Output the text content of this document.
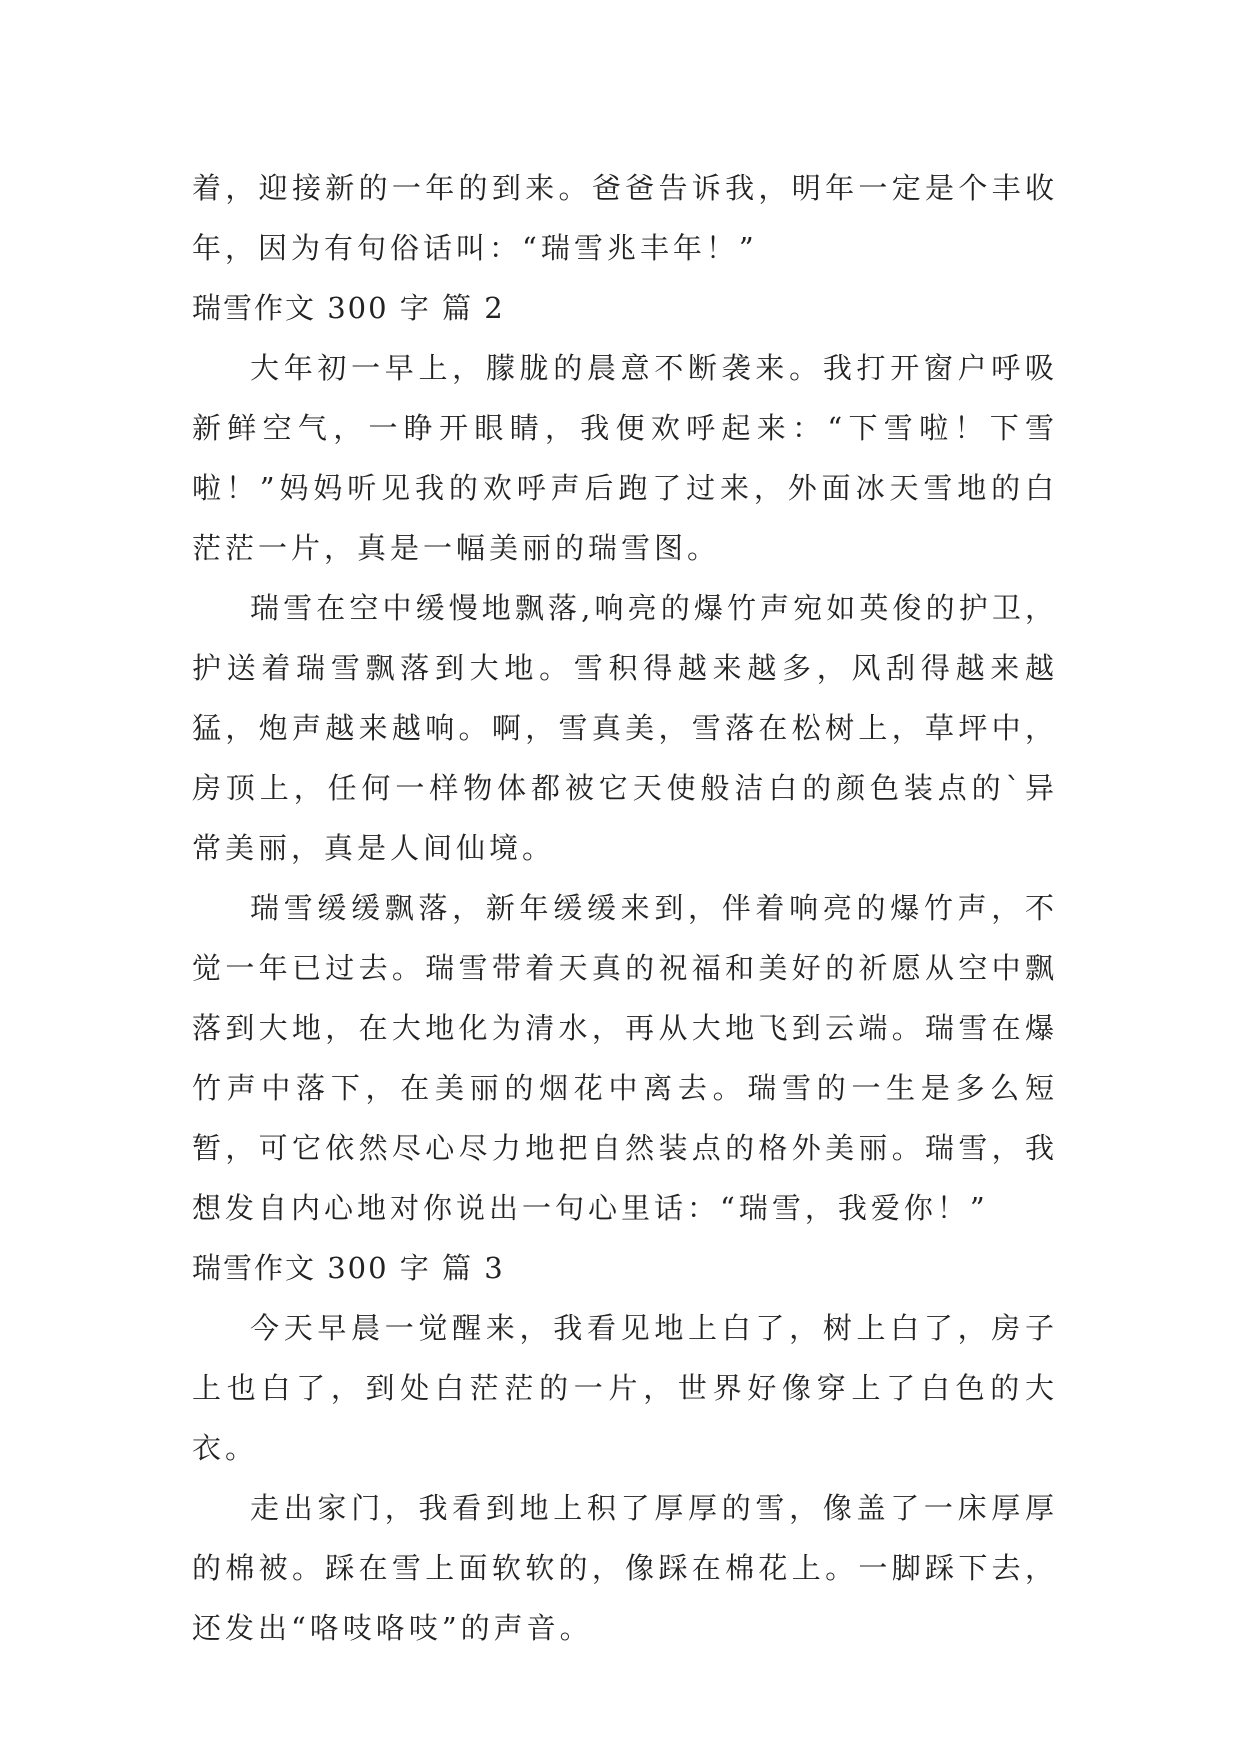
着，迎接新的一年的到来。爸爸告诉我，明年一定是个丰收年，因为有句俗话叫：“瑞雪兆丰年！”

瑞雪作文 300 字 篇 2

大年初一早上，朦胧的晨意不断袭来。我打开窗户呼吸新鲜空气，一睁开眼睛，我便欢呼起来：“下雪啦！下雪啦！”妈妈听见我的欢呼声后跑了过来，外面冰天雪地的白茫茫一片，真是一幅美丽的瑞雪图。

瑞雪在空中缓慢地飘落,响亮的爆竹声宛如英俊的护卫，护送着瑞雪飘落到大地。雪积得越来越多，风刮得越来越猛，炮声越来越响。啊，雪真美，雪落在松树上，草坪中，房顶上，任何一样物体都被它天使般洁白的颜色装点的`异常美丽，真是人间仙境。

瑞雪缓缓飘落，新年缓缓来到，伴着响亮的爆竹声，不觉一年已过去。瑞雪带着天真的祝福和美好的祈愿从空中飘落到大地，在大地化为清水，再从大地飞到云端。瑞雪在爆竹声中落下，在美丽的烟花中离去。瑞雪的一生是多么短暂，可它依然尽心尽力地把自然装点的格外美丽。瑞雪，我想发自内心地对你说出一句心里话：“瑞雪，我爱你！”

瑞雪作文 300 字 篇 3

今天早晨一觉醒来，我看见地上白了，树上白了，房子上也白了，到处白茫茫的一片，世界好像穿上了白色的大衣。

走出家门，我看到地上积了厚厚的雪，像盖了一床厚厚的棉被。踩在雪上面软软的，像踩在棉花上。一脚踩下去，还发出“咯吱咯吱”的声音。
